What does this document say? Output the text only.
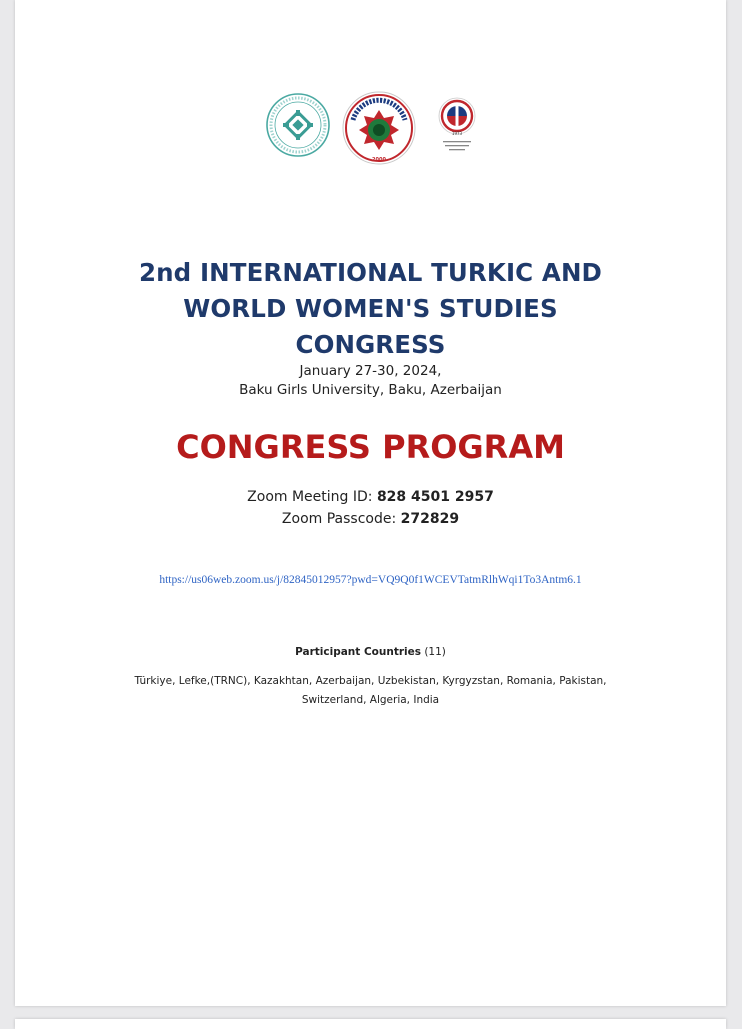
2000
1973
2nd INTERNATIONAL TURKIC AND
WORLD WOMEN'S STUDIES
CONGRESS
January 27-30, 2024,
Baku Girls University, Baku, Azerbaijan
CONGRESS PROGRAM
Zoom Meeting ID: 828 4501 2957
Zoom Passcode: 272829
https://us06web.zoom.us/j/82845012957?pwd=VQ9Q0f1WCEVTatmRlhWqi1To3Antm6.1
Participant Countries (11)
Türkiye, Lefke,(TRNC), Kazakhtan, Azerbaijan, Uzbekistan, Kyrgyzstan, Romania, Pakistan,
Switzerland, Algeria, India
